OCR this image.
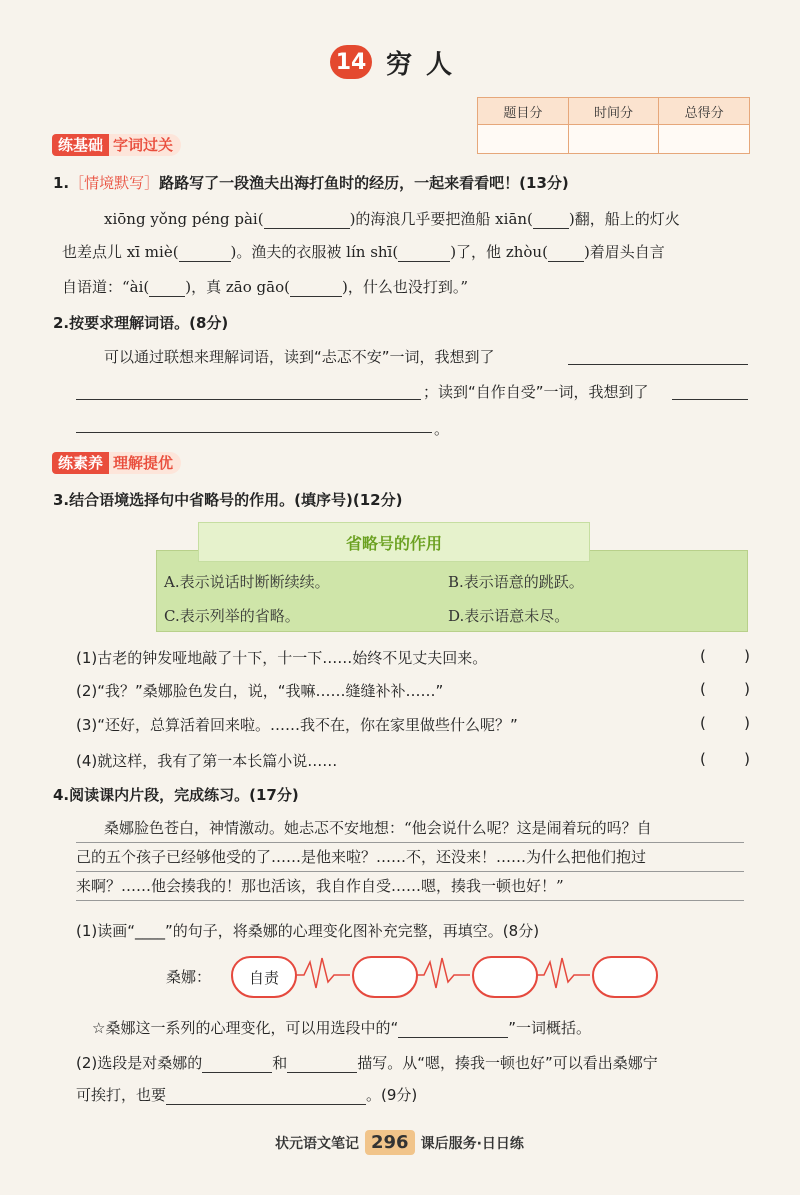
14 穷人
题目分	时间分	总得分

练基础 字词过关
1.［情境默写］路路写了一段渔夫出海打鱼时的经历，一起来看看吧！(13分)
xiōng yǒng péng pài(	)的海浪几乎要把渔船 xiān( )翻，船上的灯火
也差点儿 xī miè(	)。渔夫的衣服被 lín shī(	)了，他 zhòu( )着眉头自言
自语道：“ài( )，真 zāo gāo(	)，什么也没打到。”
2.按要求理解词语。(8分)
可以通过联想来理解词语，读到“忐忑不安”一词，我想到了
；读到“自作自受”一词，我想到了
。
练素养 理解提优
3.结合语境选择句中省略号的作用。(填序号)(12分)
省略号的作用
A.表示说话时断断续续。	B.表示语意的跳跃。
C.表示列举的省略。	D.表示语意未尽。
(1)古老的钟发哑地敲了十下，十一下……始终不见丈夫回来。	(	)
(2)“我？”桑娜脸色发白，说，“我嘛……缝缝补补……”	(	)
(3)“还好，总算活着回来啦。……我不在，你在家里做些什么呢？”	(	)
(4)就这样，我有了第一本长篇小说……	(	)
4.阅读课内片段，完成练习。(17分)
桑娜脸色苍白，神情激动。她忐忑不安地想：“他会说什么呢？这是闹着玩的吗？自
己的五个孩子已经够他受的了……是他来啦？……不，还没来！……为什么把他们抱过
来啊？……他会揍我的！那也活该，我自作自受……嗯，揍我一顿也好！”
(1)读画“____”的句子，将桑娜的心理变化图补充完整，再填空。(8分)
桑娜：	自责
☆桑娜这一系列的心理变化，可以用选段中的“	”一词概括。
(2)选段是对桑娜的	和	描写。从“嗯，揍我一顿也好”可以看出桑娜宁
可挨打，也要	。(9分)
状元语文笔记 296 课后服务·日日练
